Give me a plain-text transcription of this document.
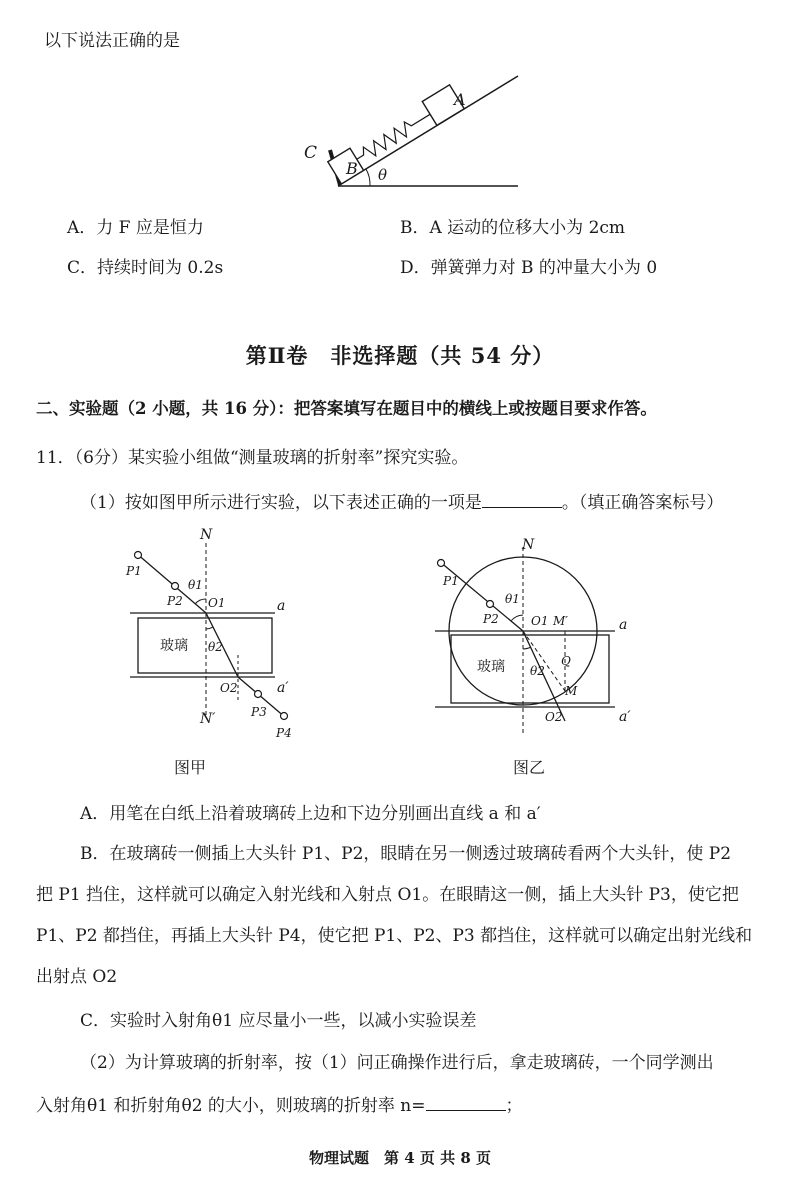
以下说法正确的是
C
B
A
θ
A．力 F 应是恒力	B．A 运动的位移大小为 2cm
C．持续时间为 0.2s	D．弹簧弹力对 B 的冲量大小为 0
第Ⅱ卷　非选择题（共 54 分）
二、实验题（2 小题，共 16 分）：把答案填写在题目中的横线上或按题目要求作答。
11．（6分）某实验小组做“测量玻璃的折射率”探究实验。
（1）按如图甲所示进行实验，以下表述正确的一项是	。（填正确答案标号）
N
N′
a
a′
P1
P2
P3
P4
O1
O2
θ1
θ2
玻璃
图甲
N
a
a′
P1
P2	O1 M′
Q
M
O2
θ1
θ2
玻璃
图乙
A．用笔在白纸上沿着玻璃砖上边和下边分别画出直线 a 和 a′
B．在玻璃砖一侧插上大头针 P1、P2，眼睛在另一侧透过玻璃砖看两个大头针，使 P2
把 P1 挡住，这样就可以确定入射光线和入射点 O1。在眼睛这一侧，插上大头针 P3，使它把
P1、P2 都挡住，再插上大头针 P4，使它把 P1、P2、P3 都挡住，这样就可以确定出射光线和
出射点 O2
C．实验时入射角θ1 应尽量小一些，以减小实验误差
（2）为计算玻璃的折射率，按（1）问正确操作进行后，拿走玻璃砖，一个同学测出
入射角θ1 和折射角θ2 的大小，则玻璃的折射率 n=	；
物理试题　第 4 页 共 8 页
